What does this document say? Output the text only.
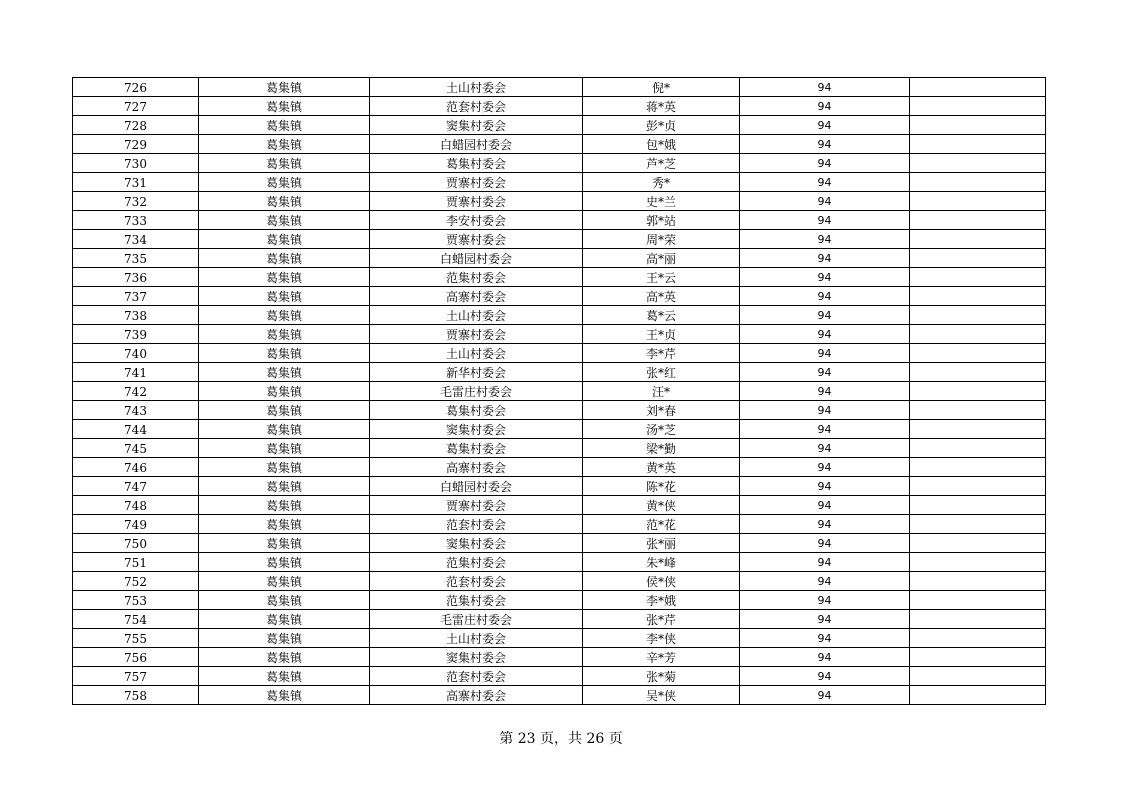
726	葛集镇	土山村委会	倪*	94	
727	葛集镇	范套村委会	蒋*英	94	
728	葛集镇	窦集村委会	彭*贞	94	
729	葛集镇	白蜡园村委会	包*娥	94	
730	葛集镇	葛集村委会	芦*芝	94	
731	葛集镇	贾寨村委会	秀*	94	
732	葛集镇	贾寨村委会	史*兰	94	
733	葛集镇	李安村委会	郭*站	94	
734	葛集镇	贾寨村委会	周*荣	94	
735	葛集镇	白蜡园村委会	高*丽	94	
736	葛集镇	范集村委会	王*云	94	
737	葛集镇	高寨村委会	高*英	94	
738	葛集镇	土山村委会	葛*云	94	
739	葛集镇	贾寨村委会	王*贞	94	
740	葛集镇	土山村委会	李*芹	94	
741	葛集镇	新华村委会	张*红	94	
742	葛集镇	毛雷庄村委会	汪*	94	
743	葛集镇	葛集村委会	刘*春	94	
744	葛集镇	窦集村委会	汤*芝	94	
745	葛集镇	葛集村委会	梁*勤	94	
746	葛集镇	高寨村委会	黄*英	94	
747	葛集镇	白蜡园村委会	陈*花	94	
748	葛集镇	贾寨村委会	黄*侠	94	
749	葛集镇	范套村委会	范*花	94	
750	葛集镇	窦集村委会	张*丽	94	
751	葛集镇	范集村委会	朱*峰	94	
752	葛集镇	范套村委会	侯*侠	94	
753	葛集镇	范集村委会	李*娥	94	
754	葛集镇	毛雷庄村委会	张*芹	94	
755	葛集镇	土山村委会	李*侠	94	
756	葛集镇	窦集村委会	辛*芳	94	
757	葛集镇	范套村委会	张*菊	94	
758	葛集镇	高寨村委会	吴*侠	94	
第 23 页，共 26 页
